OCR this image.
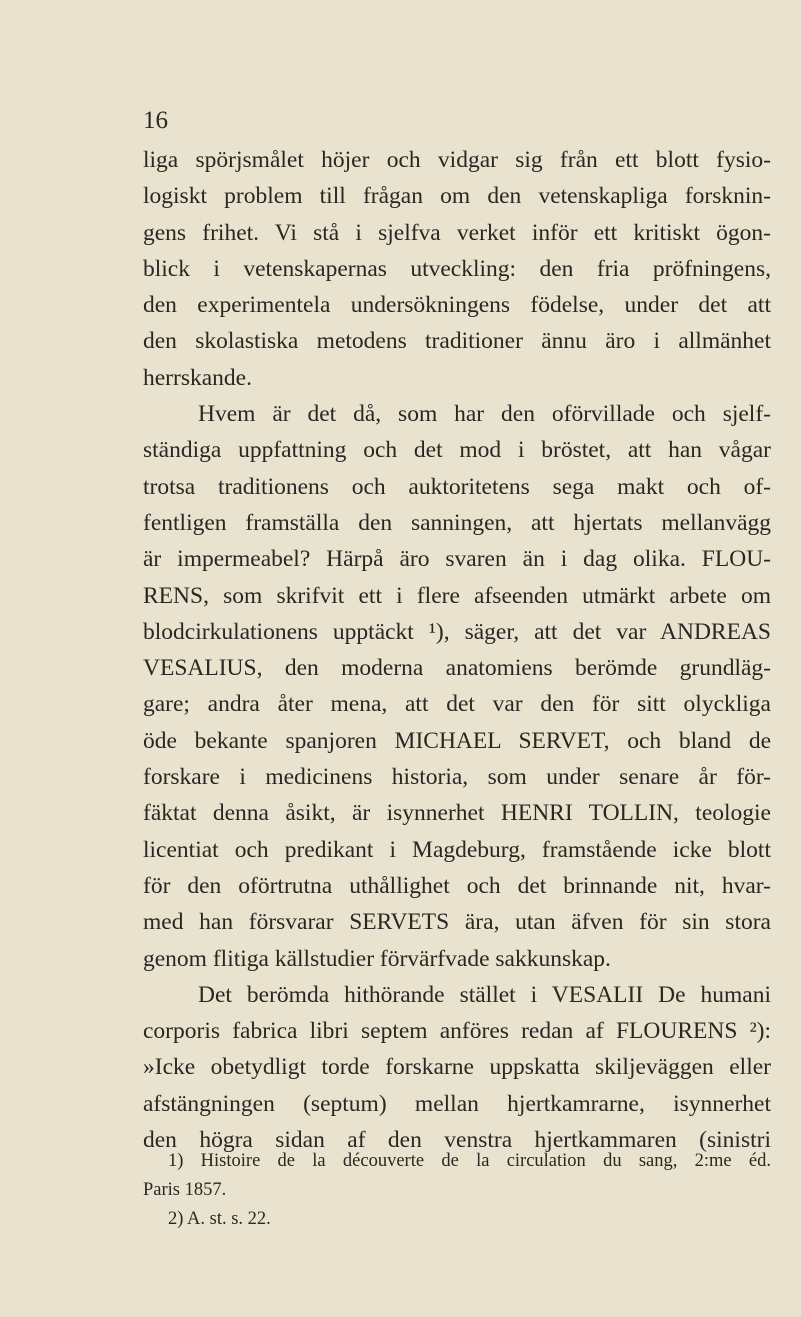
16
liga spörjsmålet höjer och vidgar sig från ett blott fysio-
logiskt problem till frågan om den vetenskapliga forsknin-
gens frihet. Vi stå i sjelfva verket inför ett kritiskt ögon-
blick i vetenskapernas utveckling: den fria pröfningens,
den experimentela undersökningens födelse, under det att
den skolastiska metodens traditioner ännu äro i allmänhet
herrskande.
Hvem är det då, som har den oförvillade och sjelf-
ständiga uppfattning och det mod i bröstet, att han vågar
trotsa traditionens och auktoritetens sega makt och of-
fentligen framställa den sanningen, att hjertats mellanvägg
är impermeabel? Härpå äro svaren än i dag olika. FLOU-
RENS, som skrifvit ett i flere afseenden utmärkt arbete om
blodcirkulationens upptäckt ¹), säger, att det var ANDREAS
VESALIUS, den moderna anatomiens berömde grundläg-
gare; andra åter mena, att det var den för sitt olyckliga
öde bekante spanjoren MICHAEL SERVET, och bland de
forskare i medicinens historia, som under senare år för-
fäktat denna åsikt, är isynnerhet HENRI TOLLIN, teologie
licentiat och predikant i Magdeburg, framstående icke blott
för den oförtrutna uthållighet och det brinnande nit, hvar-
med han försvarar SERVETS ära, utan äfven för sin stora
genom flitiga källstudier förvärfvade sakkunskap.
Det berömda hithörande stället i VESALII De humani
corporis fabrica libri septem anföres redan af FLOURENS ²):
»Icke obetydligt torde forskarne uppskatta skiljeväggen eller
afstängningen (septum) mellan hjertkamrarne, isynnerhet
den högra sidan af den venstra hjertkammaren (sinistri
1) Histoire de la découverte de la circulation du sang, 2:me éd.
Paris 1857.
2) A. st. s. 22.
